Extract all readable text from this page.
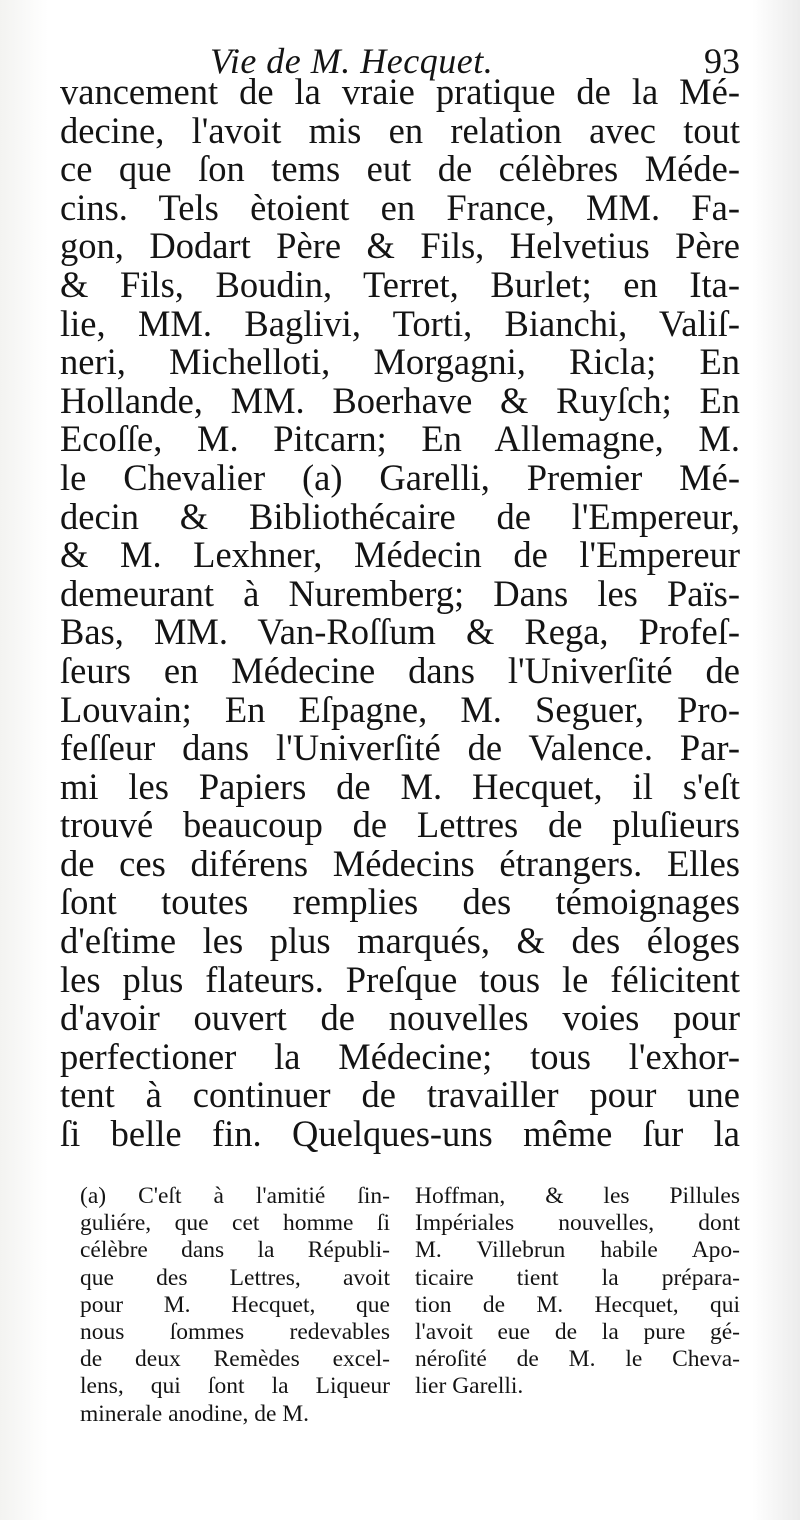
Vie de M. Hecquet.	93
vancement de la vraie pratique de la Mé-
decine, l'avoit mis en relation avec tout
ce que ſon tems eut de célèbres Méde-
cins. Tels ètoient en France, MM. Fa-
gon, Dodart Père & Fils, Helvetius Père
& Fils, Boudin, Terret, Burlet; en Ita-
lie, MM. Baglivi, Torti, Bianchi, Valiſ-
neri, Michelloti, Morgagni, Ricla; En
Hollande, MM. Boerhave & Ruyſch; En
Ecoſſe, M. Pitcarn; En Allemagne, M.
le Chevalier (a) Garelli, Premier Mé-
decin & Bibliothécaire de l'Empereur,
& M. Lexhner, Médecin de l'Empereur
demeurant à Nuremberg; Dans les Païs-
Bas, MM. Van-Roſſum & Rega, Profeſ-
ſeurs en Médecine dans l'Univerſité de
Louvain; En Eſpagne, M. Seguer, Pro-
feſſeur dans l'Univerſité de Valence. Par-
mi les Papiers de M. Hecquet, il s'eſt
trouvé beaucoup de Lettres de pluſieurs
de ces diférens Médecins étrangers. Elles
ſont toutes remplies des témoignages
d'eſtime les plus marqués, & des éloges
les plus flateurs. Preſque tous le félicitent
d'avoir ouvert de nouvelles voies pour
perfectioner la Médecine; tous l'exhor-
tent à continuer de travailler pour une
ſi belle fin. Quelques-uns même ſur la
(a) C'eſt à l'amitié ſin-
guliére, que cet homme ſi
célèbre dans la Républi-
que des Lettres, avoit
pour M. Hecquet, que
nous ſommes redevables
de deux Remèdes excel-
lens, qui ſont la Liqueur
minerale anodine, de M.
Hoffman, & les Pillules
Impériales nouvelles, dont
M. Villebrun habile Apo-
ticaire tient la prépara-
tion de M. Hecquet, qui
l'avoit eue de la pure gé-
néroſité de M. le Cheva-
lier Garelli.
